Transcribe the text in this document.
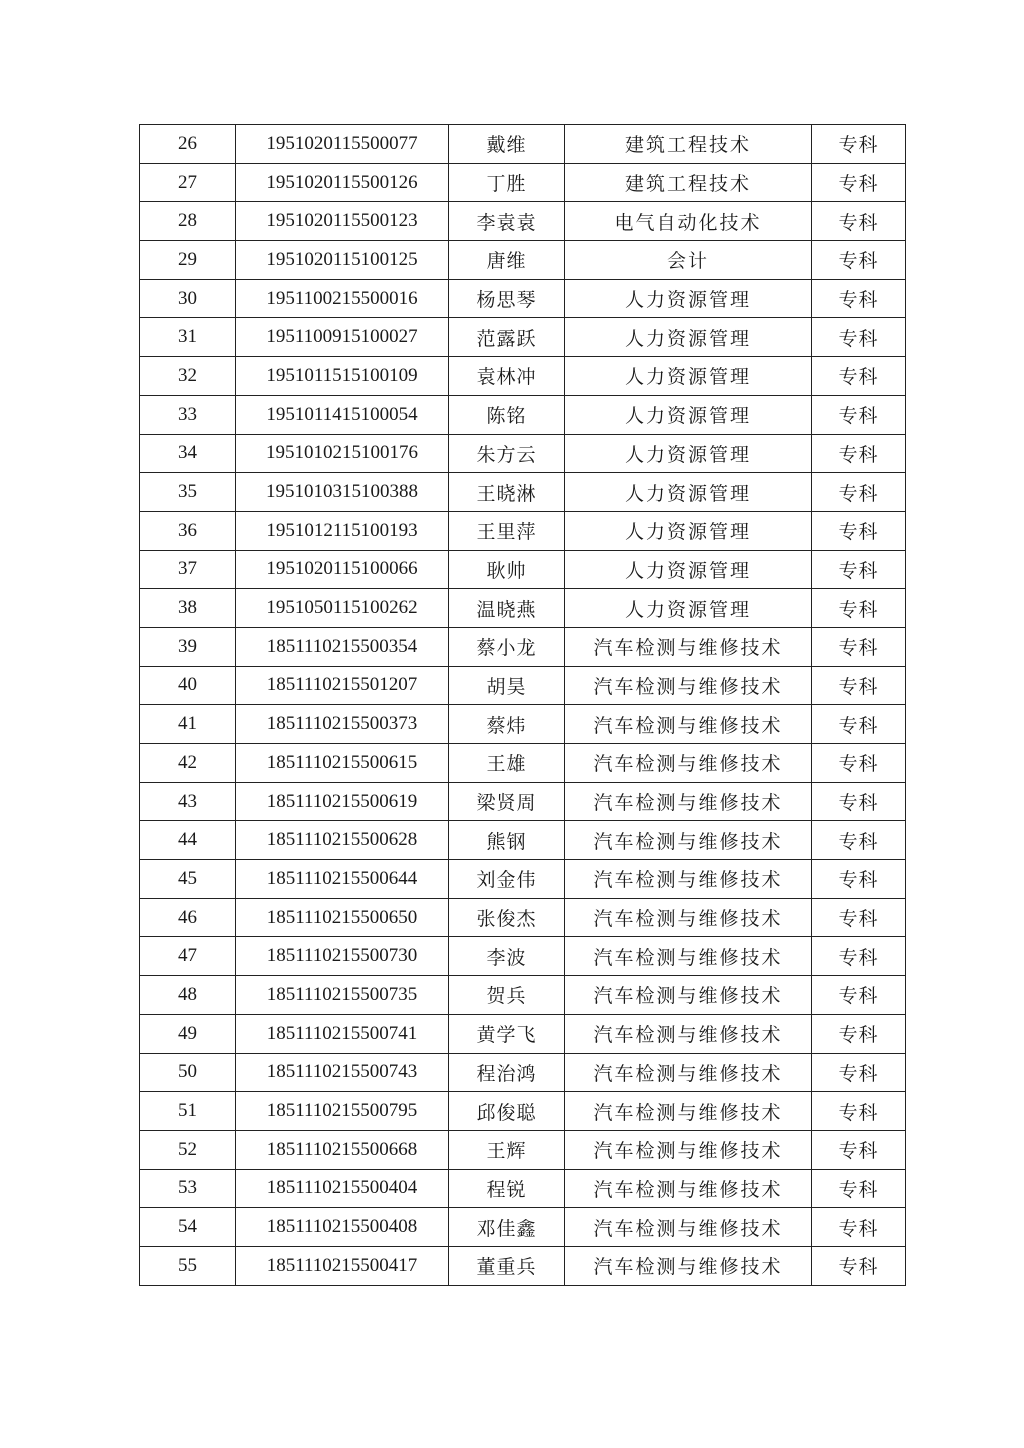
26	1951020115500077	戴维	建筑工程技术	专科
27	1951020115500126	丁胜	建筑工程技术	专科
28	1951020115500123	李袁袁	电气自动化技术	专科
29	1951020115100125	唐维	会计	专科
30	1951100215500016	杨思琴	人力资源管理	专科
31	1951100915100027	范露跃	人力资源管理	专科
32	1951011515100109	袁林冲	人力资源管理	专科
33	1951011415100054	陈铭	人力资源管理	专科
34	1951010215100176	朱方云	人力资源管理	专科
35	1951010315100388	王晓淋	人力资源管理	专科
36	1951012115100193	王里萍	人力资源管理	专科
37	1951020115100066	耿帅	人力资源管理	专科
38	1951050115100262	温晓燕	人力资源管理	专科
39	1851110215500354	蔡小龙	汽车检测与维修技术	专科
40	1851110215501207	胡昊	汽车检测与维修技术	专科
41	1851110215500373	蔡炜	汽车检测与维修技术	专科
42	1851110215500615	王雄	汽车检测与维修技术	专科
43	1851110215500619	梁贤周	汽车检测与维修技术	专科
44	1851110215500628	熊钢	汽车检测与维修技术	专科
45	1851110215500644	刘金伟	汽车检测与维修技术	专科
46	1851110215500650	张俊杰	汽车检测与维修技术	专科
47	1851110215500730	李波	汽车检测与维修技术	专科
48	1851110215500735	贺兵	汽车检测与维修技术	专科
49	1851110215500741	黄学飞	汽车检测与维修技术	专科
50	1851110215500743	程治鸿	汽车检测与维修技术	专科
51	1851110215500795	邱俊聪	汽车检测与维修技术	专科
52	1851110215500668	王辉	汽车检测与维修技术	专科
53	1851110215500404	程锐	汽车检测与维修技术	专科
54	1851110215500408	邓佳鑫	汽车检测与维修技术	专科
55	1851110215500417	董重兵	汽车检测与维修技术	专科
